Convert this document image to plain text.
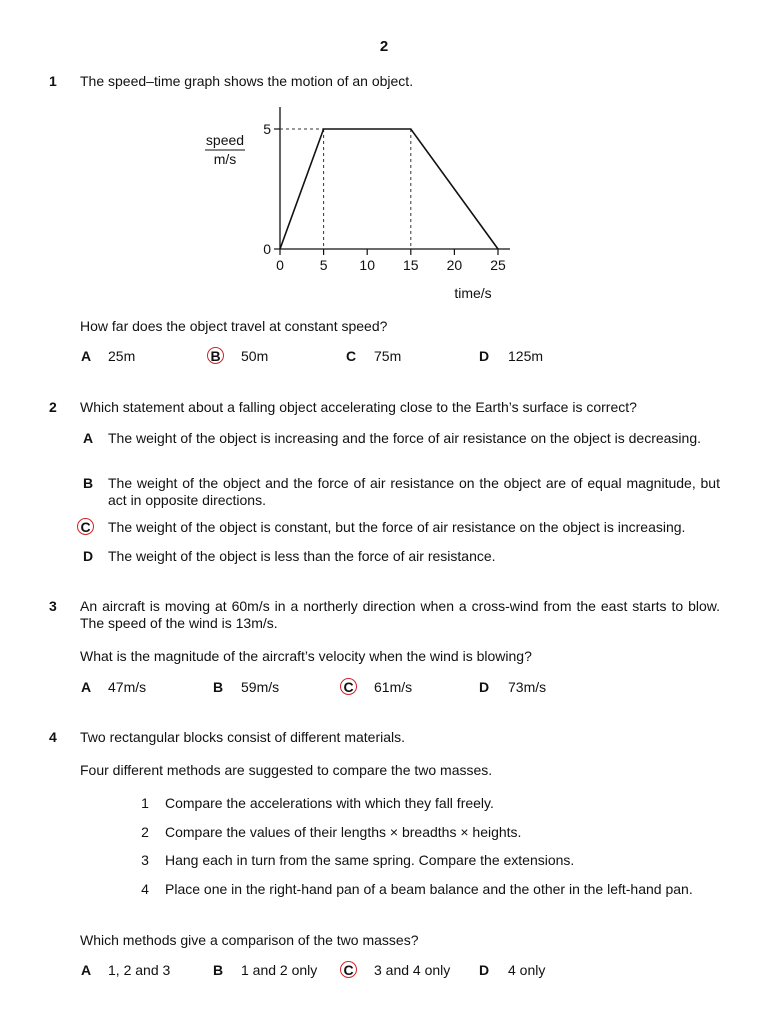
2
1	The speed–time graph shows the motion of an object.
0	5 10 15 20 25
0
5
speed
m/s
time/s
How far does the object travel at constant speed?
A	25m	B	50m	C	75m	D	125m
2	Which statement about a falling object accelerating close to the Earth’s surface is correct?
A The weight of the object is increasing and the force of air resistance on the object is decreasing.
B The weight of the object and the force of air resistance on the object are of equal magnitude, but act in opposite directions.
C	The weight of the object is constant, but the force of air resistance on the object is increasing.
D The weight of the object is less than the force of air resistance.
3	An aircraft is moving at 60m/s in a northerly direction when a cross-wind from the east starts to blow. The speed of the wind is 13m/s.
What is the magnitude of the aircraft’s velocity when the wind is blowing?
A	47m/s	B	59m/s	C	61m/s	D	73m/s
4	Two rectangular blocks consist of different materials.
Four different methods are suggested to compare the two masses.
1 Compare the accelerations with which they fall freely.
2 Compare the values of their lengths × breadths × heights.
3 Hang each in turn from the same spring. Compare the extensions.
4 Place one in the right-hand pan of a beam balance and the other in the left-hand pan.
Which methods give a comparison of the two masses?
A	1, 2 and 3	B	1 and 2 only C	3 and 4 only D	4 only
